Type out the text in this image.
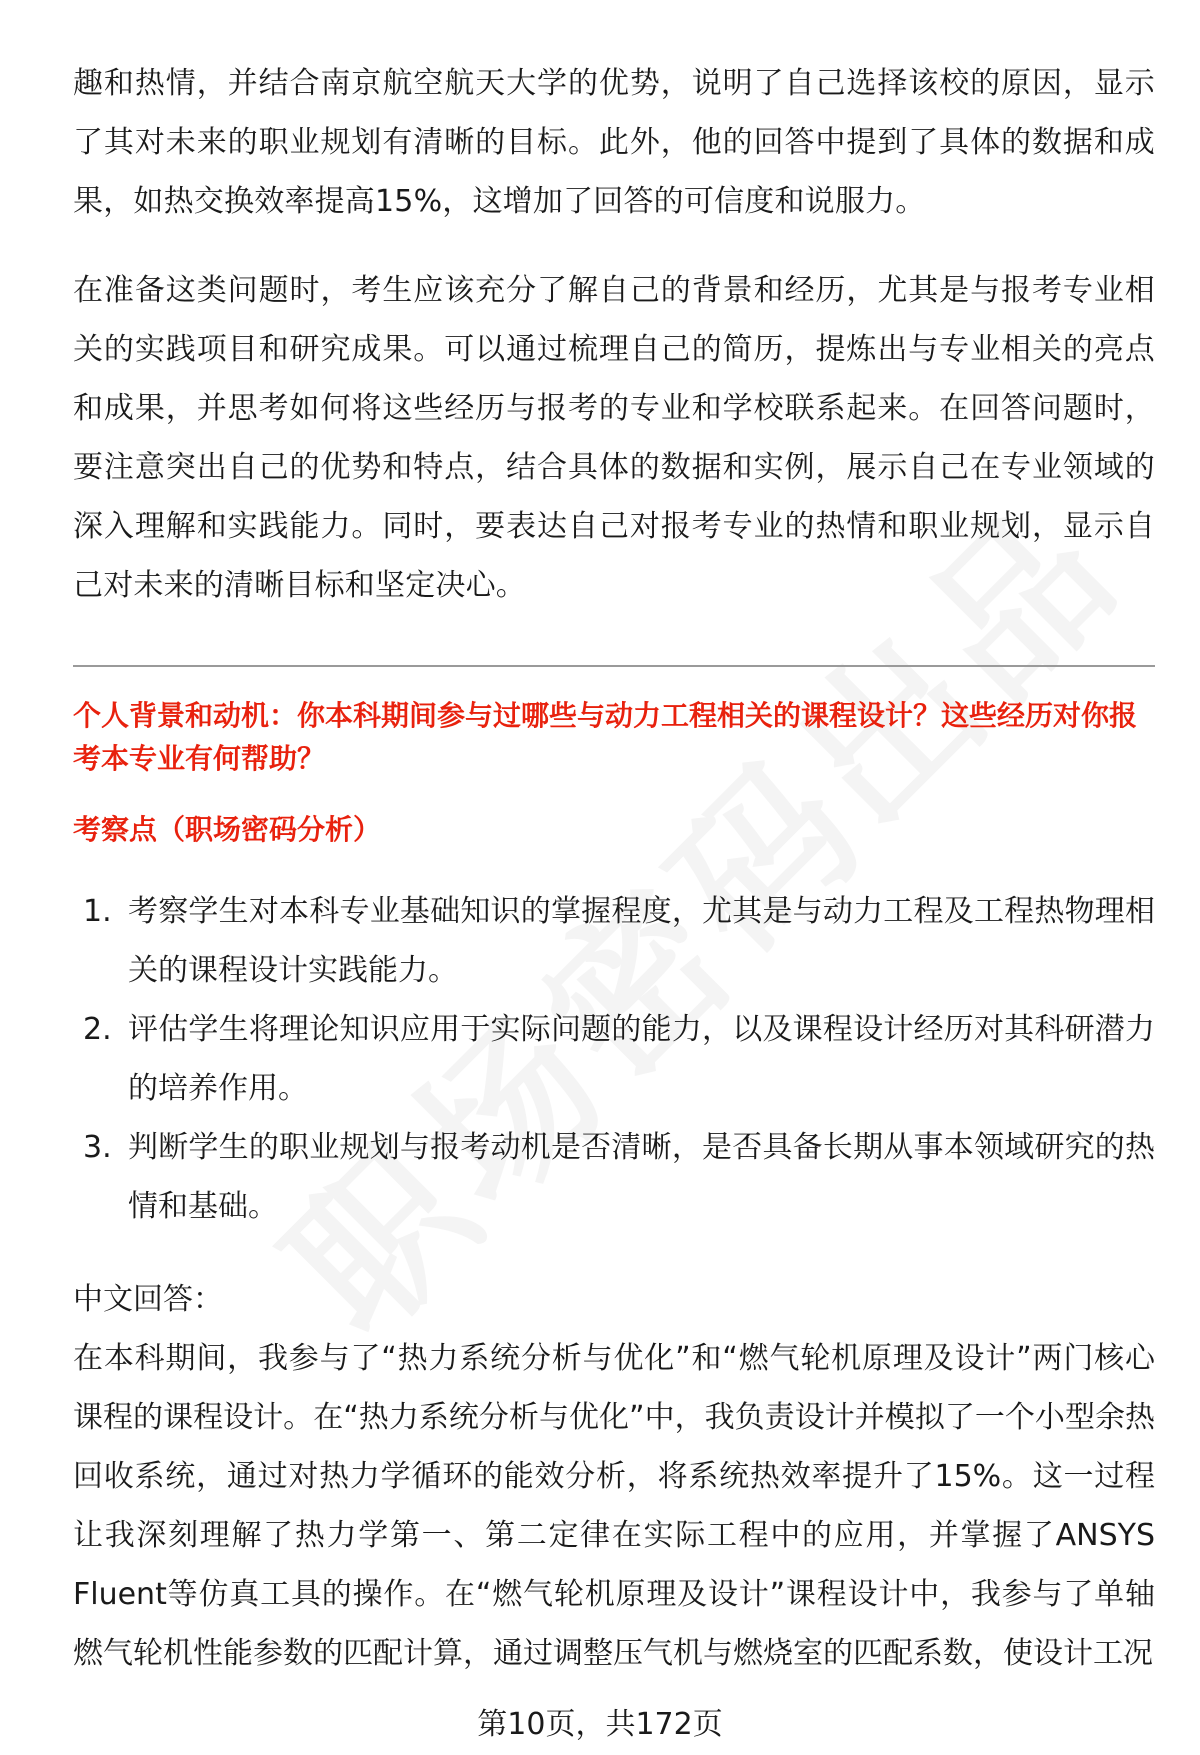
趣和热情，并结合南京航空航天大学的优势，说明了自己选择该校的原因，显示了其对未来的职业规划有清晰的目标。此外，他的回答中提到了具体的数据和成果，如热交换效率提高15%，这增加了回答的可信度和说服力。

在准备这类问题时，考生应该充分了解自己的背景和经历，尤其是与报考专业相关的实践项目和研究成果。可以通过梳理自己的简历，提炼出与专业相关的亮点和成果，并思考如何将这些经历与报考的专业和学校联系起来。在回答问题时，要注意突出自己的优势和特点，结合具体的数据和实例，展示自己在专业领域的深入理解和实践能力。同时，要表达自己对报考专业的热情和职业规划，显示自己对未来的清晰目标和坚定决心。

个人背景和动机：你本科期间参与过哪些与动力工程相关的课程设计？这些经历对你报考本专业有何帮助？

考察点（职场密码分析）

1. 考察学生对本科专业基础知识的掌握程度，尤其是与动力工程及工程热物理相关的课程设计实践能力。
2. 评估学生将理论知识应用于实际问题的能力，以及课程设计经历对其科研潜力的培养作用。
3. 判断学生的职业规划与报考动机是否清晰，是否具备长期从事本领域研究的热情和基础。

中文回答：

在本科期间，我参与了“热力系统分析与优化”和“燃气轮机原理及设计”两门核心课程的课程设计。在“热力系统分析与优化”中，我负责设计并模拟了一个小型余热回收系统，通过对热力学循环的能效分析，将系统热效率提升了15%。这一过程让我深刻理解了热力学第一、第二定律在实际工程中的应用，并掌握了ANSYS Fluent等仿真工具的操作。在“燃气轮机原理及设计”课程设计中，我参与了单轴燃气轮机性能参数的匹配计算，通过调整压气机与燃烧室的匹配系数，使设计工况

第10页，共172页
